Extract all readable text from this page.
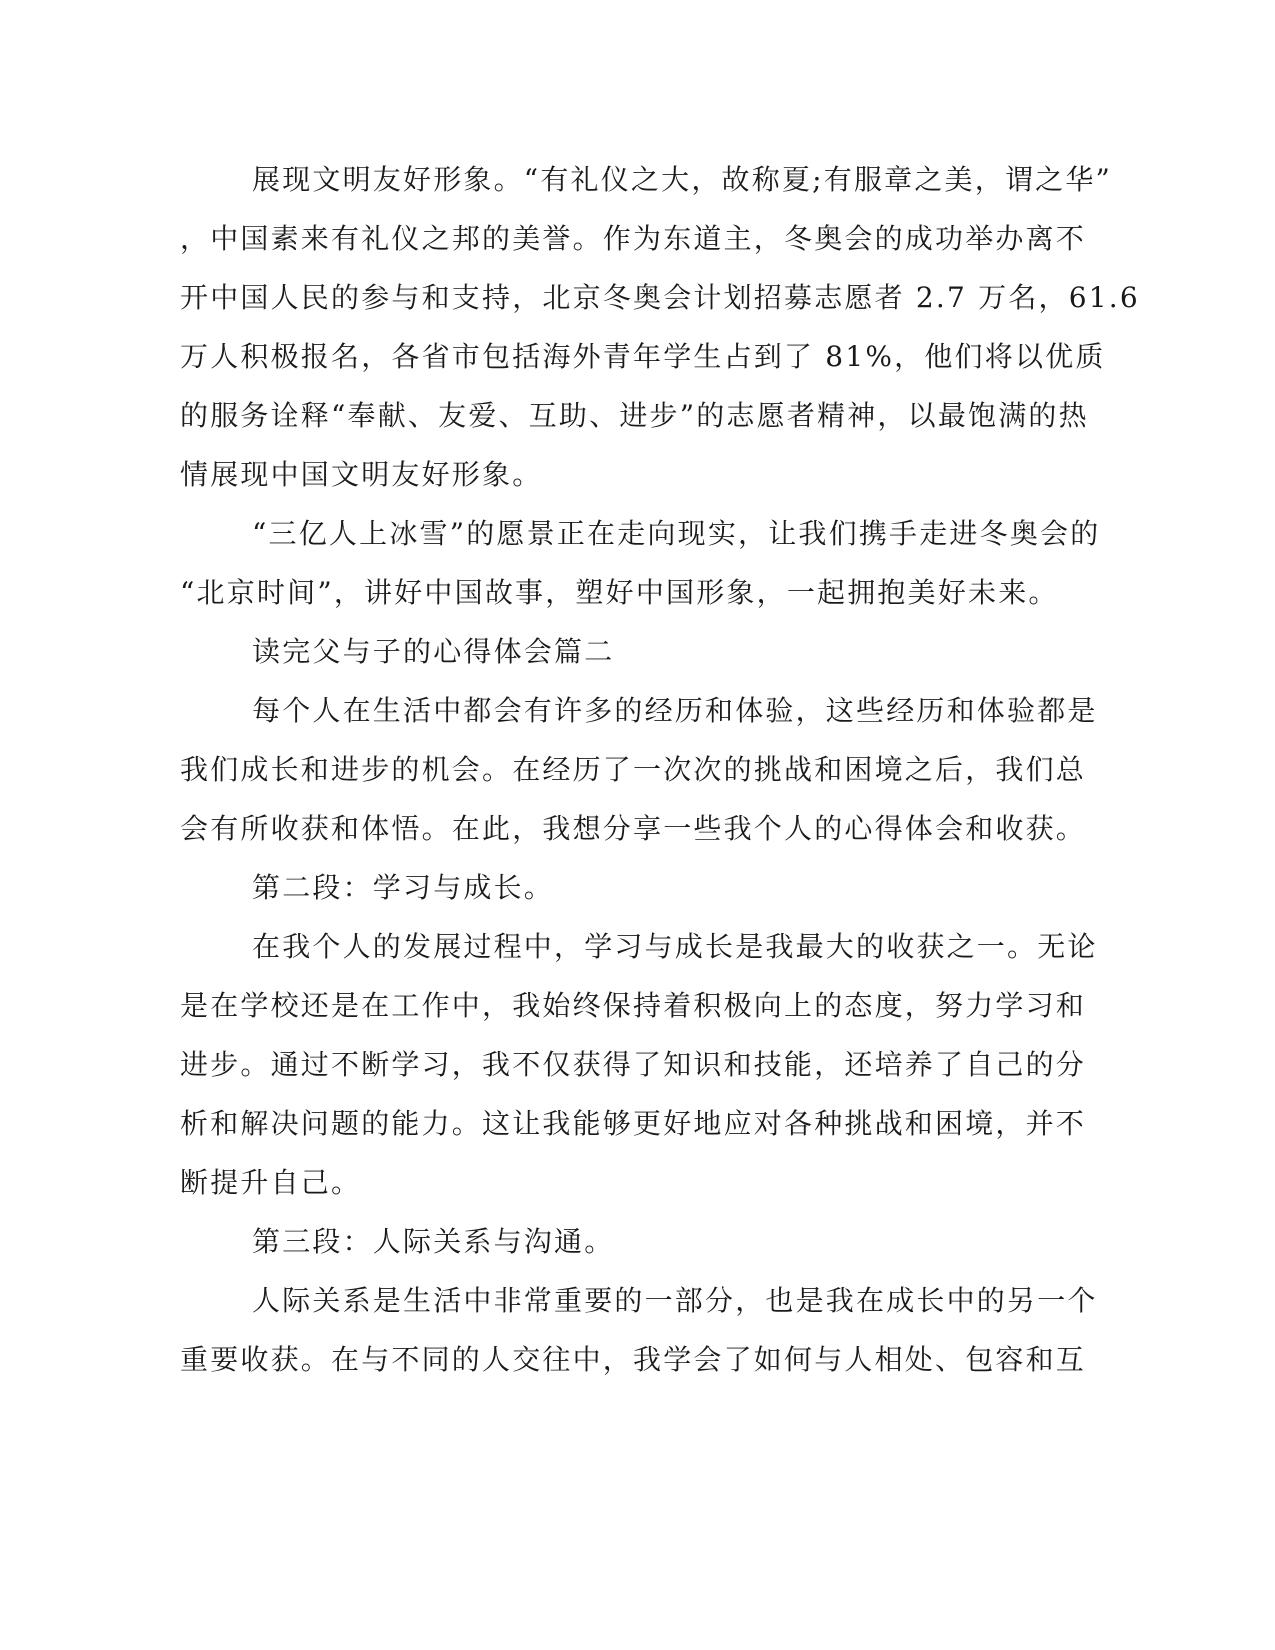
展现文明友好形象。“有礼仪之大，故称夏;有服章之美，谓之华”
，中国素来有礼仪之邦的美誉。作为东道主，冬奥会的成功举办离不
开中国人民的参与和支持，北京冬奥会计划招募志愿者 2.7 万名，61.6
万人积极报名，各省市包括海外青年学生占到了 81%，他们将以优质
的服务诠释“奉献、友爱、互助、进步”的志愿者精神，以最饱满的热
情展现中国文明友好形象。
“三亿人上冰雪”的愿景正在走向现实，让我们携手走进冬奥会的
“北京时间”，讲好中国故事，塑好中国形象，一起拥抱美好未来。
读完父与子的心得体会篇二
每个人在生活中都会有许多的经历和体验，这些经历和体验都是
我们成长和进步的机会。在经历了一次次的挑战和困境之后，我们总
会有所收获和体悟。在此，我想分享一些我个人的心得体会和收获。
第二段：学习与成长。
在我个人的发展过程中，学习与成长是我最大的收获之一。无论
是在学校还是在工作中，我始终保持着积极向上的态度，努力学习和
进步。通过不断学习，我不仅获得了知识和技能，还培养了自己的分
析和解决问题的能力。这让我能够更好地应对各种挑战和困境，并不
断提升自己。
第三段：人际关系与沟通。
人际关系是生活中非常重要的一部分，也是我在成长中的另一个
重要收获。在与不同的人交往中，我学会了如何与人相处、包容和互
